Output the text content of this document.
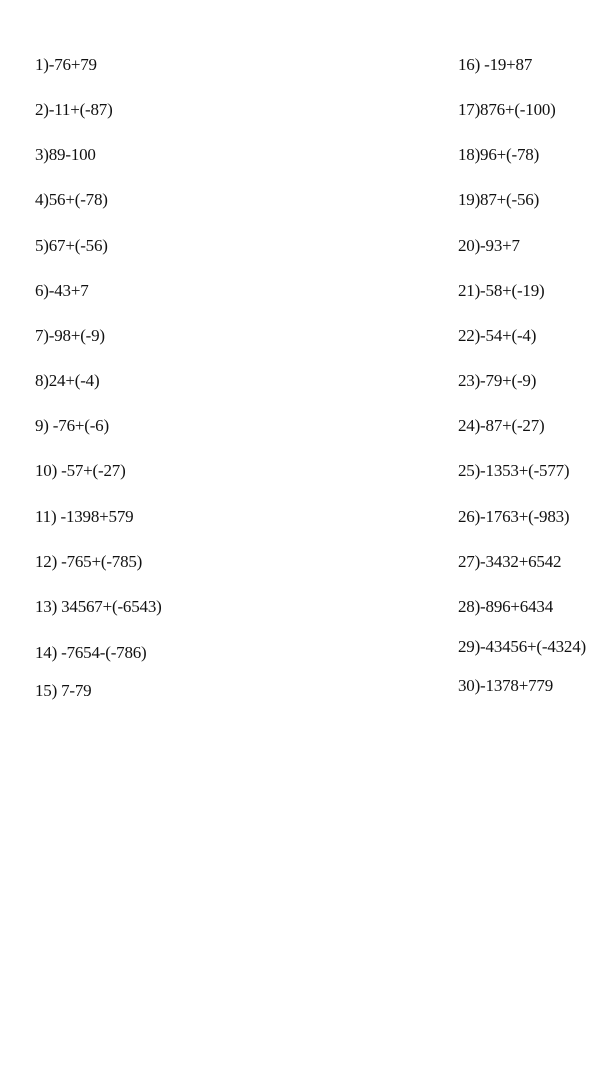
1)-76+79
2)-11+(-87)
3)89-100
4)56+(-78)
5)67+(-56)
6)-43+7
7)-98+(-9)
8)24+(-4)
9) -76+(-6)
10) -57+(-27)
11) -1398+579
12) -765+(-785)
13) 34567+(-6543)
14) -7654-(-786)
15) 7-79
16) -19+87
17)876+(-100)
18)96+(-78)
19)87+(-56)
20)-93+7
21)-58+(-19)
22)-54+(-4)
23)-79+(-9)
24)-87+(-27)
25)-1353+(-577)
26)-1763+(-983)
27)-3432+6542
28)-896+6434
29)-43456+(-4324)
30)-1378+779
